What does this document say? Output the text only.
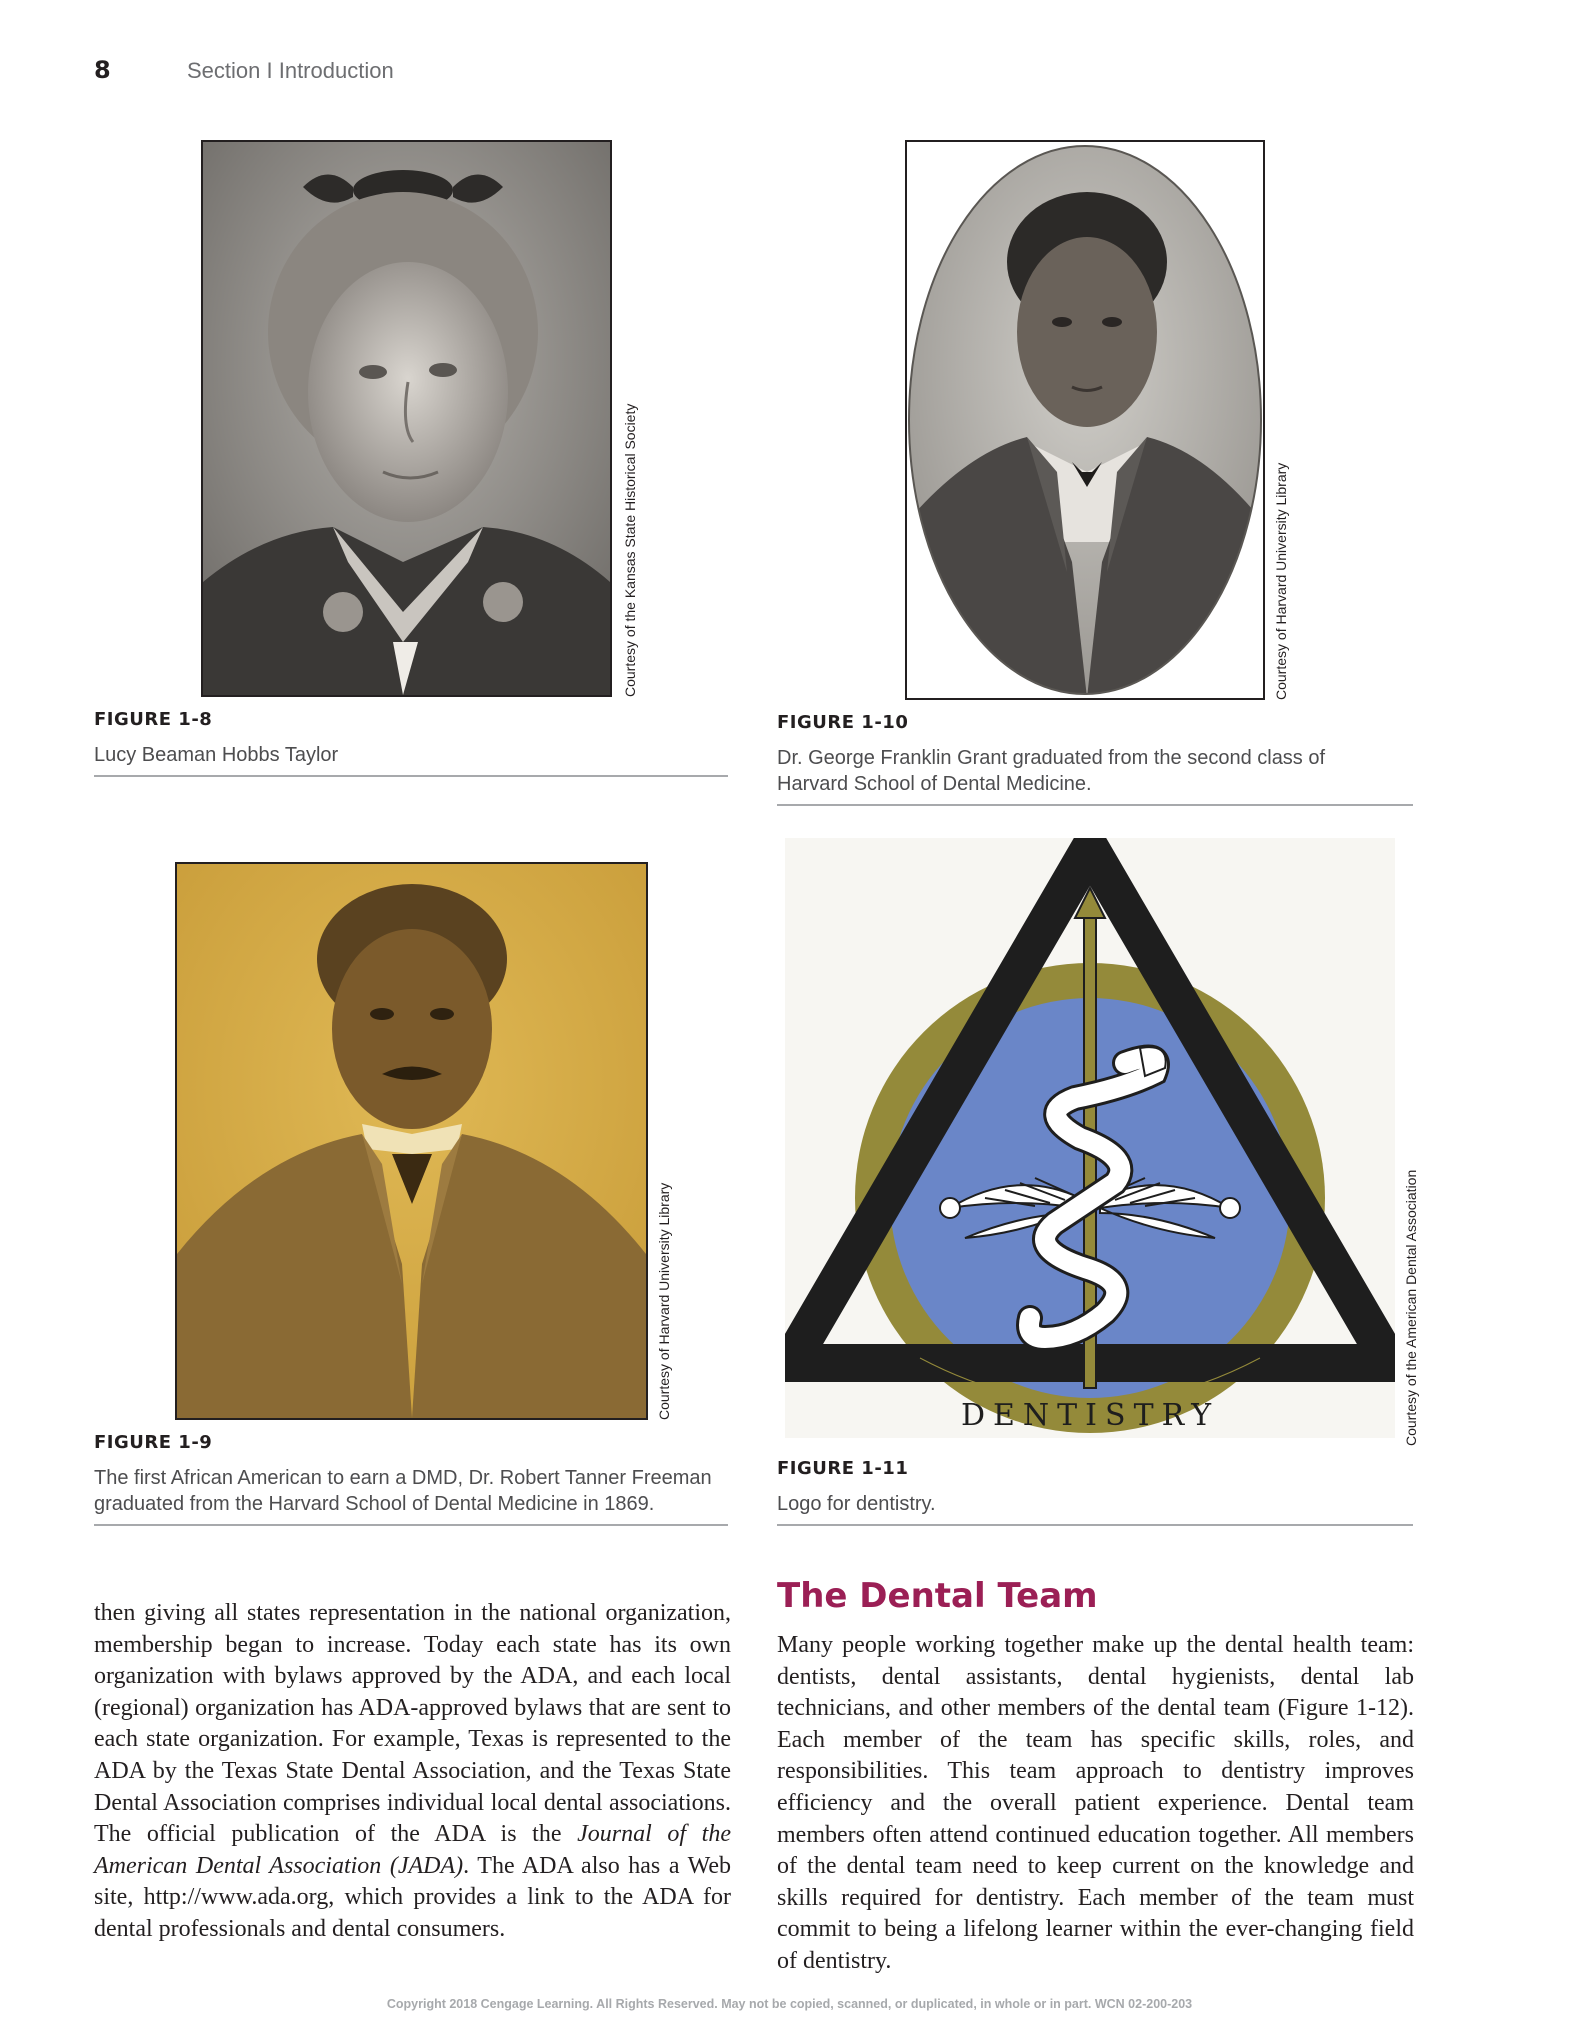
8	Section I Introduction
Courtesy of the Kansas State Historical Society
FIGURE 1-8
Lucy Beaman Hobbs Taylor
Courtesy of Harvard University Library
FIGURE 1-10
Dr. George Franklin Grant graduated from the second class of Harvard School of Dental Medicine.
Courtesy of Harvard University Library
FIGURE 1-9
The first African American to earn a DMD, Dr. Robert Tanner Freeman graduated from the Harvard School of Dental Medicine in 1869.
DENTISTRY	Courtesy of the American Dental Association
FIGURE 1-11
Logo for dentistry.

then giving all states representation in the national organization, membership began to increase. Today each state has its own organization with bylaws approved by the ADA, and each local (regional) organization has ADA-approved bylaws that are sent to each state organization. For example, Texas is represented to the ADA by the Texas State Dental Association, and the Texas State Dental Association comprises individual local dental associations. The official publication of the ADA is the Journal of the American Dental Association (JADA). The ADA also has a Web site, http://www.ada.org, which provides a link to the ADA for dental professionals and dental consumers.

The Dental Team

Many people working together make up the dental health team: dentists, dental assistants, dental hygienists, dental lab technicians, and other members of the dental team (Figure 1-12). Each member of the team has specific skills, roles, and responsibilities. This team approach to dentistry improves efficiency and the overall patient experience. Dental team members often attend continued education together. All members of the dental team need to keep current on the knowledge and skills required for dentistry. Each member of the team must commit to being a lifelong learner within the ever-changing field of dentistry.

Copyright 2018 Cengage Learning. All Rights Reserved. May not be copied, scanned, or duplicated, in whole or in part. WCN 02-200-203
